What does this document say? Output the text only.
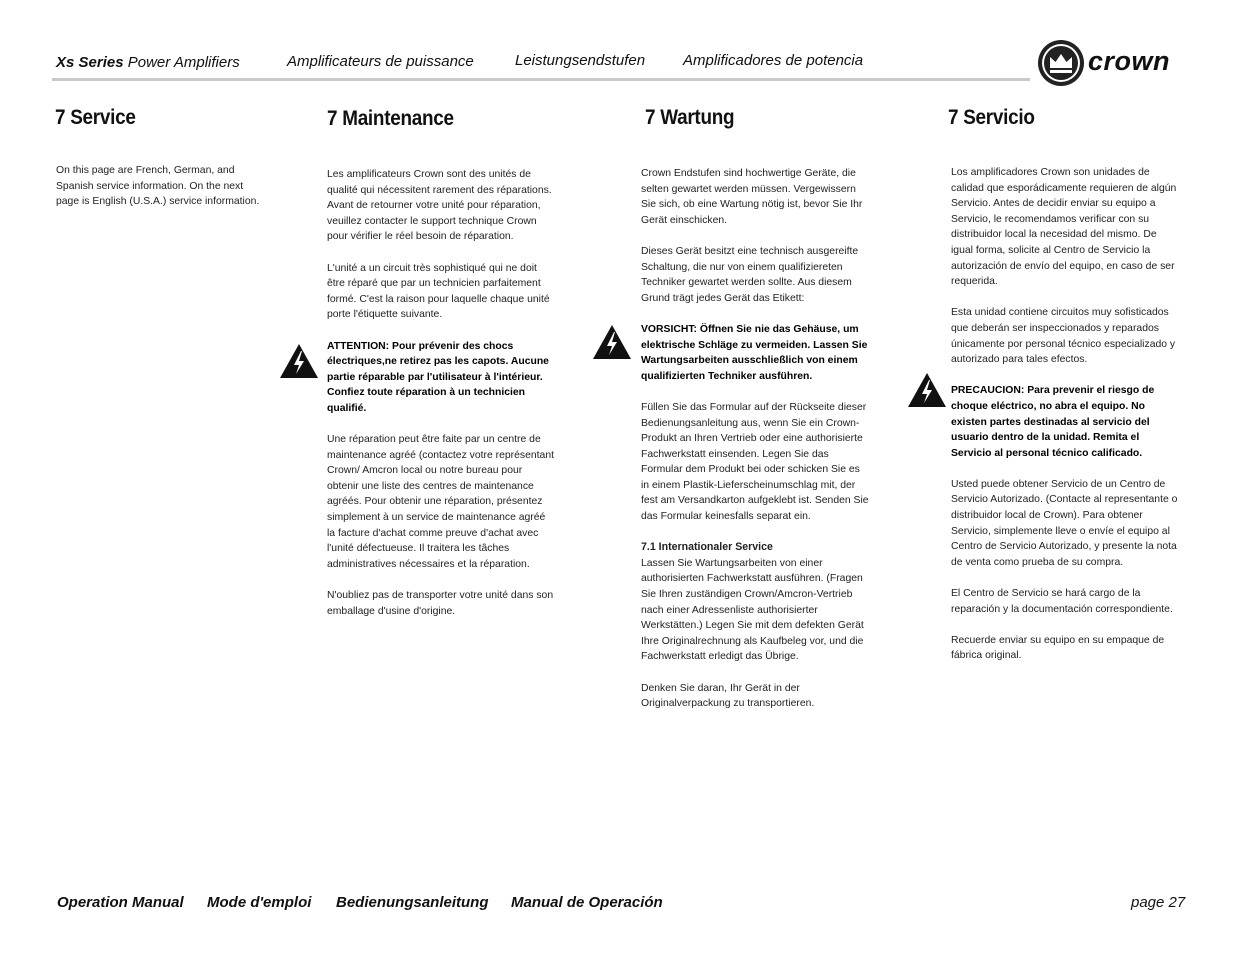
Xs Series Power Amplifiers	Amplificateurs de puissance	Leistungsendstufen	Amplificadores de potencia	crown
7 Service	7 Maintenance	7 Wartung	7 Servicio

On this page are French, German, and Spanish service information. On the next page is English (U.S.A.) service information.

Les amplificateurs Crown sont des unités de qualité qui nécessitent rarement des réparations. Avant de retourner votre unité pour réparation, veuillez contacter le support technique Crown pour vérifier le réel besoin de réparation.

L'unité a un circuit très sophistiqué qui ne doit être réparé que par un technicien parfaitement formé. C'est la raison pour laquelle chaque unité porte l'étiquette suivante.

ATTENTION: Pour prévenir des chocs électriques,ne retirez pas les capots. Aucune partie réparable par l'utilisateur à l'intérieur. Confiez toute réparation à un technicien qualifié.

Une réparation peut être faite par un centre de maintenance agréé (contactez votre représentant Crown/ Amcron local ou notre bureau pour obtenir une liste des centres de maintenance agréés. Pour obtenir une réparation, présentez simplement à un service de maintenance agréé la facture d'achat comme preuve d'achat avec l'unité défectueuse. Il traitera les tâches administratives nécessaires et la réparation.

N'oubliez pas de transporter votre unité dans son emballage d'usine d'origine.

Crown Endstufen sind hochwertige Geräte, die selten gewartet werden müssen. Vergewissern Sie sich, ob eine Wartung nötig ist, bevor Sie Ihr Gerät einschicken.

Dieses Gerät besitzt eine technisch ausgereifte Schaltung, die nur von einem qualifiziereten Techniker gewartet werden sollte. Aus diesem Grund trägt jedes Gerät das Etikett:

VORSICHT: Öffnen Sie nie das Gehäuse, um elektrische Schläge zu vermeiden. Lassen Sie Wartungsarbeiten ausschließlich von einem qualifizierten Techniker ausführen.

Füllen Sie das Formular auf der Rückseite dieser Bedienungsanleitung aus, wenn Sie ein Crown-Produkt an Ihren Vertrieb oder eine authorisierte Fachwerkstatt einsenden. Legen Sie das Formular dem Produkt bei oder schicken Sie es in einem Plastik-Lieferscheinumschlag mit, der fest am Versandkarton aufgeklebt ist. Senden Sie das Formular keinesfalls separat ein.

7.1 Internationaler Service

Lassen Sie Wartungsarbeiten von einer authorisierten Fachwerkstatt ausführen. (Fragen Sie Ihren zuständigen Crown/Amcron-Vertrieb nach einer Adressenliste authorisierter Werkstätten.) Legen Sie mit dem defekten Gerät Ihre Originalrechnung als Kaufbeleg vor, und die Fachwerkstatt erledigt das Übrige.

Denken Sie daran, Ihr Gerät in der Originalverpackung zu transportieren.

Los amplificadores Crown son unidades de calidad que esporádicamente requieren de algún Servicio. Antes de decidir enviar su equipo a Servicio, le recomendamos verificar con su distribuidor local la necesidad del mismo. De igual forma, solicite al Centro de Servicio la autorización de envío del equipo, en caso de ser requerida.

Esta unidad contiene circuitos muy sofisticados que deberán ser inspeccionados y reparados únicamente por personal técnico especializado y autorizado para tales efectos.

PRECAUCION: Para prevenir el riesgo de choque eléctrico, no abra el equipo. No existen partes destinadas al servicio del usuario dentro de la unidad. Remita el Servicio al personal técnico calificado.

Usted puede obtener Servicio de un Centro de Servicio Autorizado. (Contacte al representante o distribuidor local de Crown). Para obtener Servicio, simplemente lleve o envíe el equipo al Centro de Servicio Autorizado, y presente la nota de venta como prueba de su compra.

El Centro de Servicio se hará cargo de la reparación y la documentación correspondiente.

Recuerde enviar su equipo en su empaque de fábrica original.

Operation Manual Mode d'emploi Bedienungsanleitung Manual de Operación	page 27
